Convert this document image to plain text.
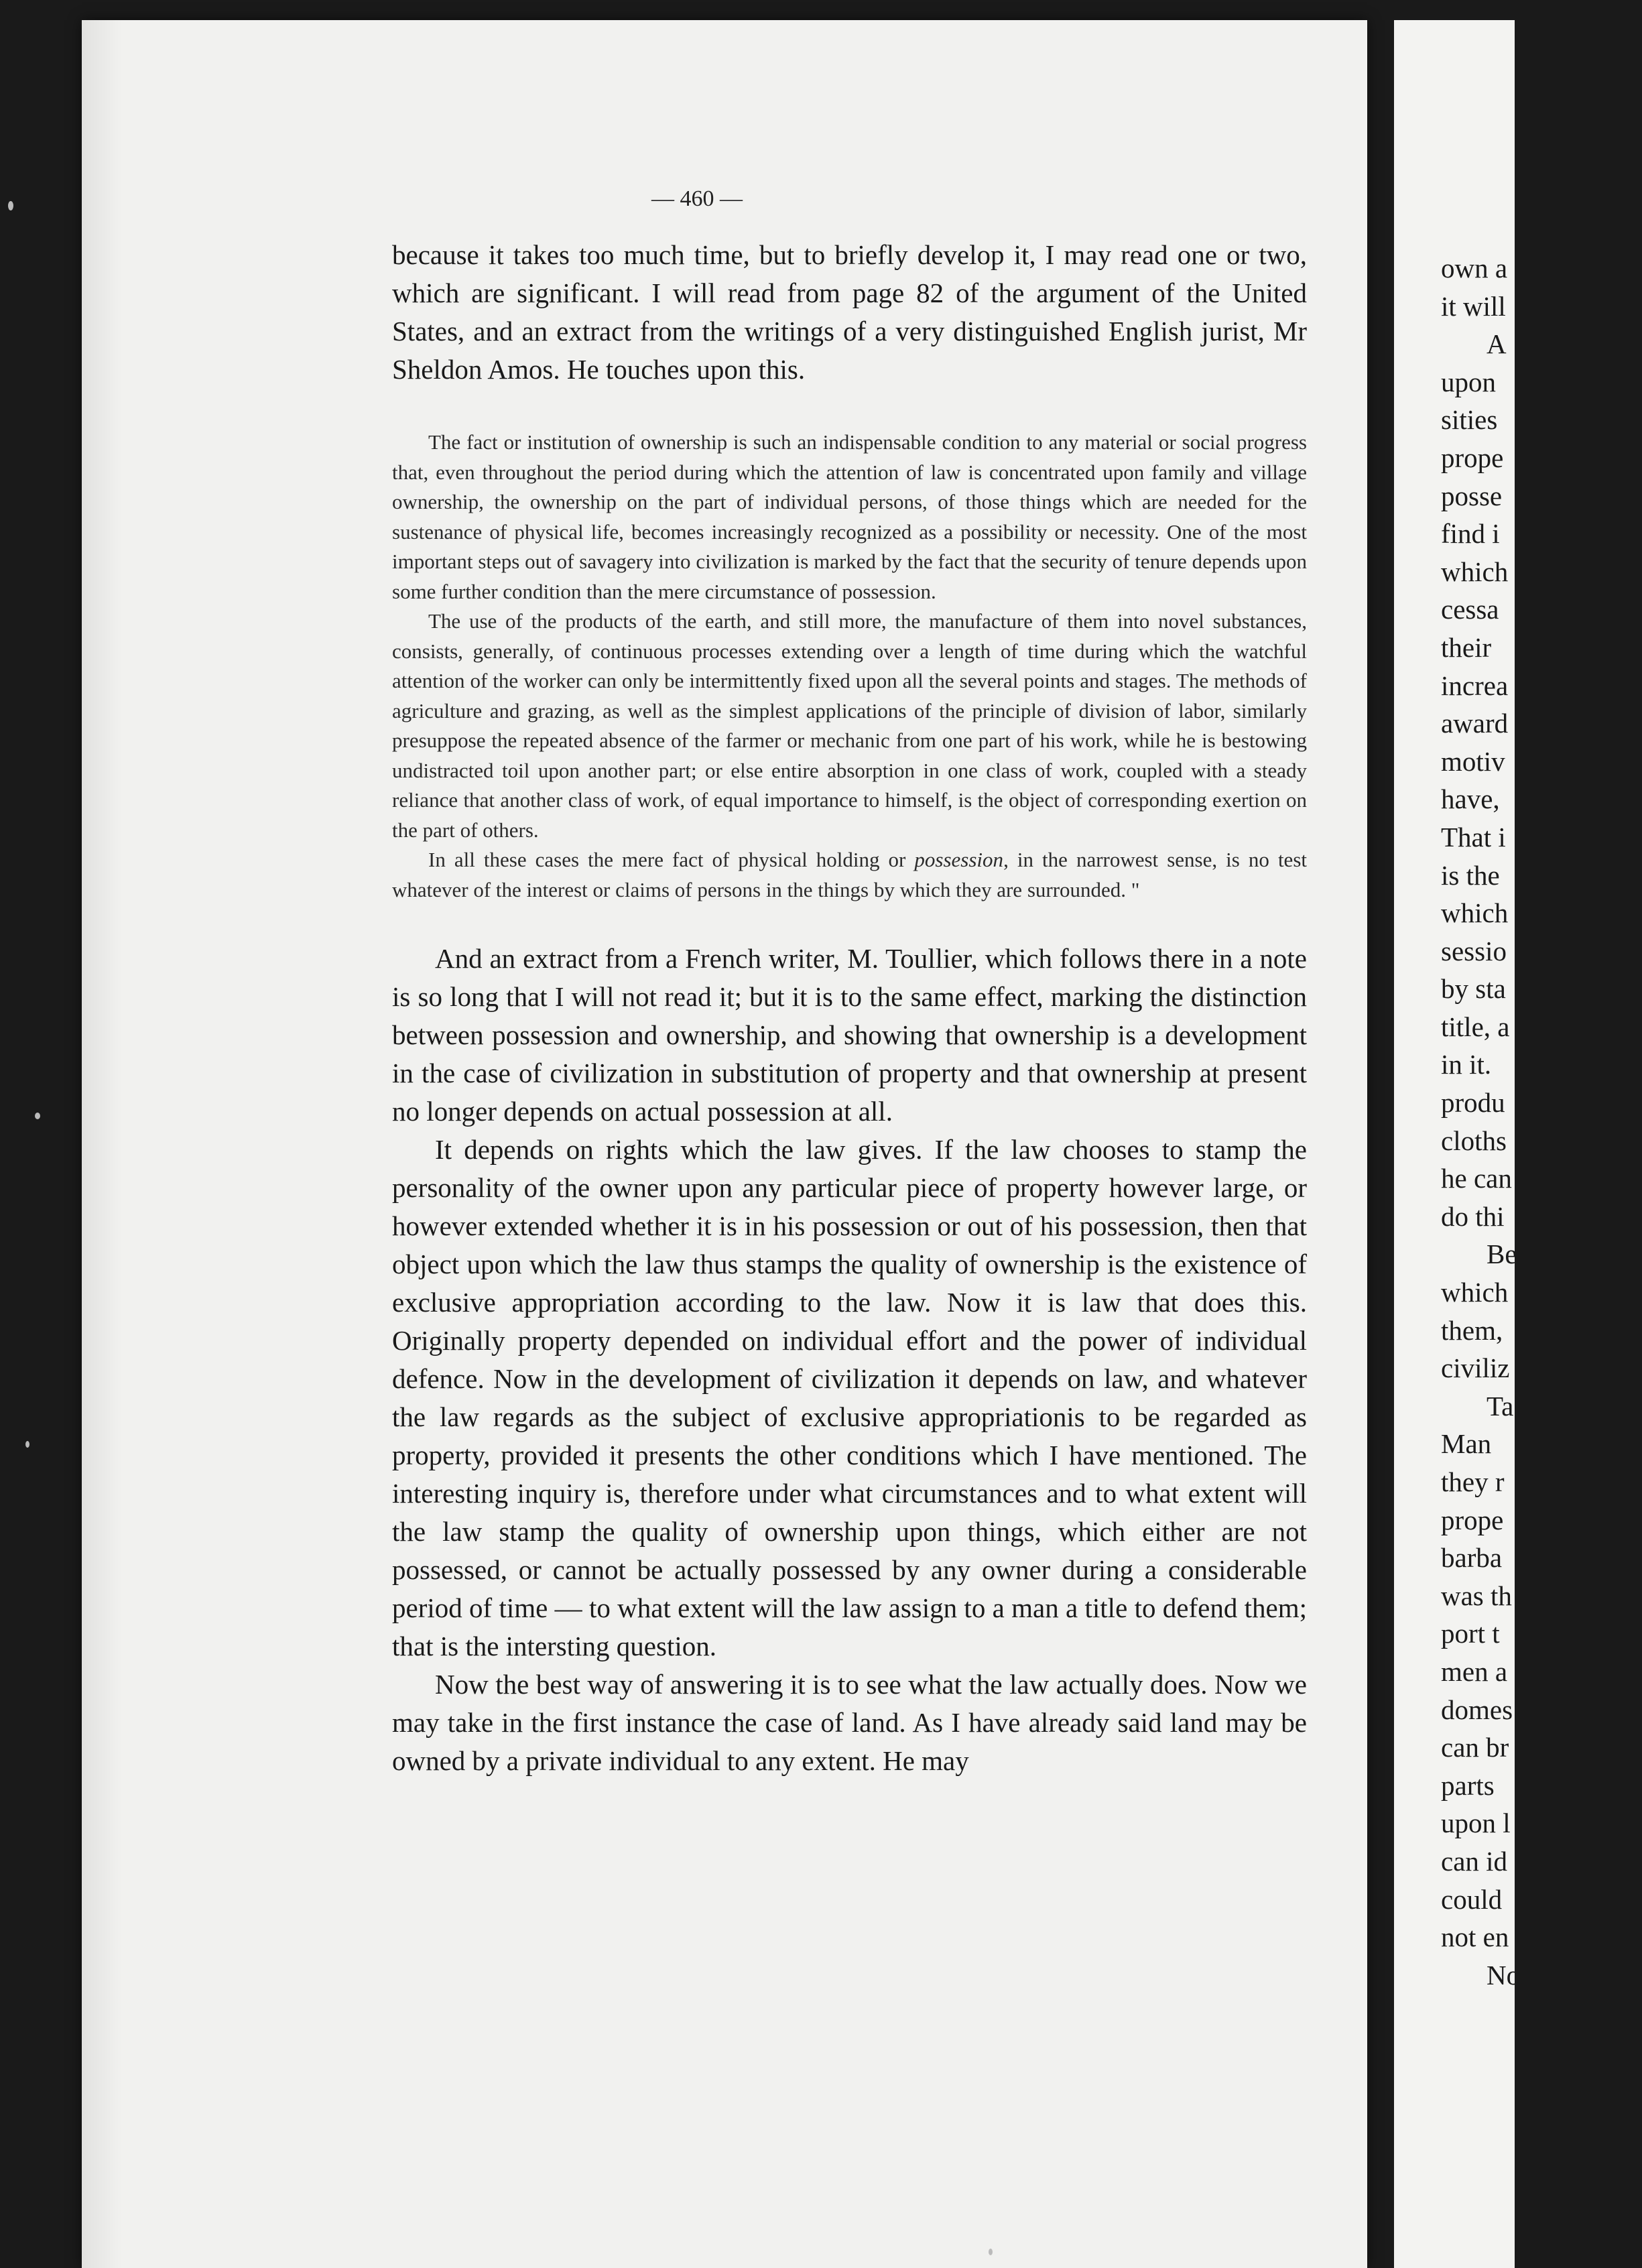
— 460 —

because it takes too much time, but to briefly develop it, I may read one or two, which are significant. I will read from page 82 of the argument of the United States, and an extract from the writings of a very distinguished English jurist, Mr Sheldon Amos. He touches upon this.

The fact or institution of ownership is such an indispensable condition to any material or social progress that, even throughout the period during which the attention of law is concentrated upon family and village ownership, the ownership on the part of individual persons, of those things which are needed for the sustenance of physical life, becomes increasingly recognized as a possibility or necessity. One of the most important steps out of savagery into civilization is marked by the fact that the security of tenure depends upon some further condition than the mere circumstance of possession.

The use of the products of the earth, and still more, the manufacture of them into novel substances, consists, generally, of continuous processes extending over a length of time during which the watchful attention of the worker can only be intermittently fixed upon all the several points and stages. The methods of agriculture and grazing, as well as the simplest applications of the principle of division of labor, similarly presuppose the repeated absence of the farmer or mechanic from one part of his work, while he is bestowing undistracted toil upon another part; or else entire absorption in one class of work, coupled with a steady reliance that another class of work, of equal importance to himself, is the object of corresponding exertion on the part of others.

In all these cases the mere fact of physical holding or possession, in the narrowest sense, is no test whatever of the interest or claims of persons in the things by which they are surrounded. "

And an extract from a French writer, M. Toullier, which follows there in a note is so long that I will not read it; but it is to the same effect, marking the distinction between possession and ownership, and showing that ownership is a development in the case of civilization in substitution of property and that ownership at present no longer depends on actual possession at all.

It depends on rights which the law gives. If the law chooses to stamp the personality of the owner upon any particular piece of property however large, or however extended whether it is in his possession or out of his possession, then that object upon which the law thus stamps the quality of ownership is the existence of exclusive appropriation according to the law. Now it is law that does this. Originally property depended on individual effort and the power of individual defence. Now in the development of civilization it depends on law, and whatever the law regards as the subject of exclusive appropriationis to be regarded as property, provided it presents the other conditions which I have mentioned. The interesting inquiry is, therefore under what circumstances and to what extent will the law stamp the quality of ownership upon things, which either are not possessed, or cannot be actually possessed by any owner during a considerable period of time — to what extent will the law assign to a man a title to defend them; that is the intersting question.

Now the best way of answering it is to see what the law actually does. Now we may take in the first instance the case of land. As I have already said land may be owned by a private individual to any extent. He may

own a
it will
A
upon
sities
prope
posse
find i
which
cessa
their
increa
award
motiv
have,
That i
is the
which
sessio
by sta
title, a
in it.
produ
cloths
he can
do thi
Be
which
them,
civiliz
Ta
Man
they r
prope
barba
was th
port t
men a
domes
can br
parts
upon l
can id
could
not en
No
